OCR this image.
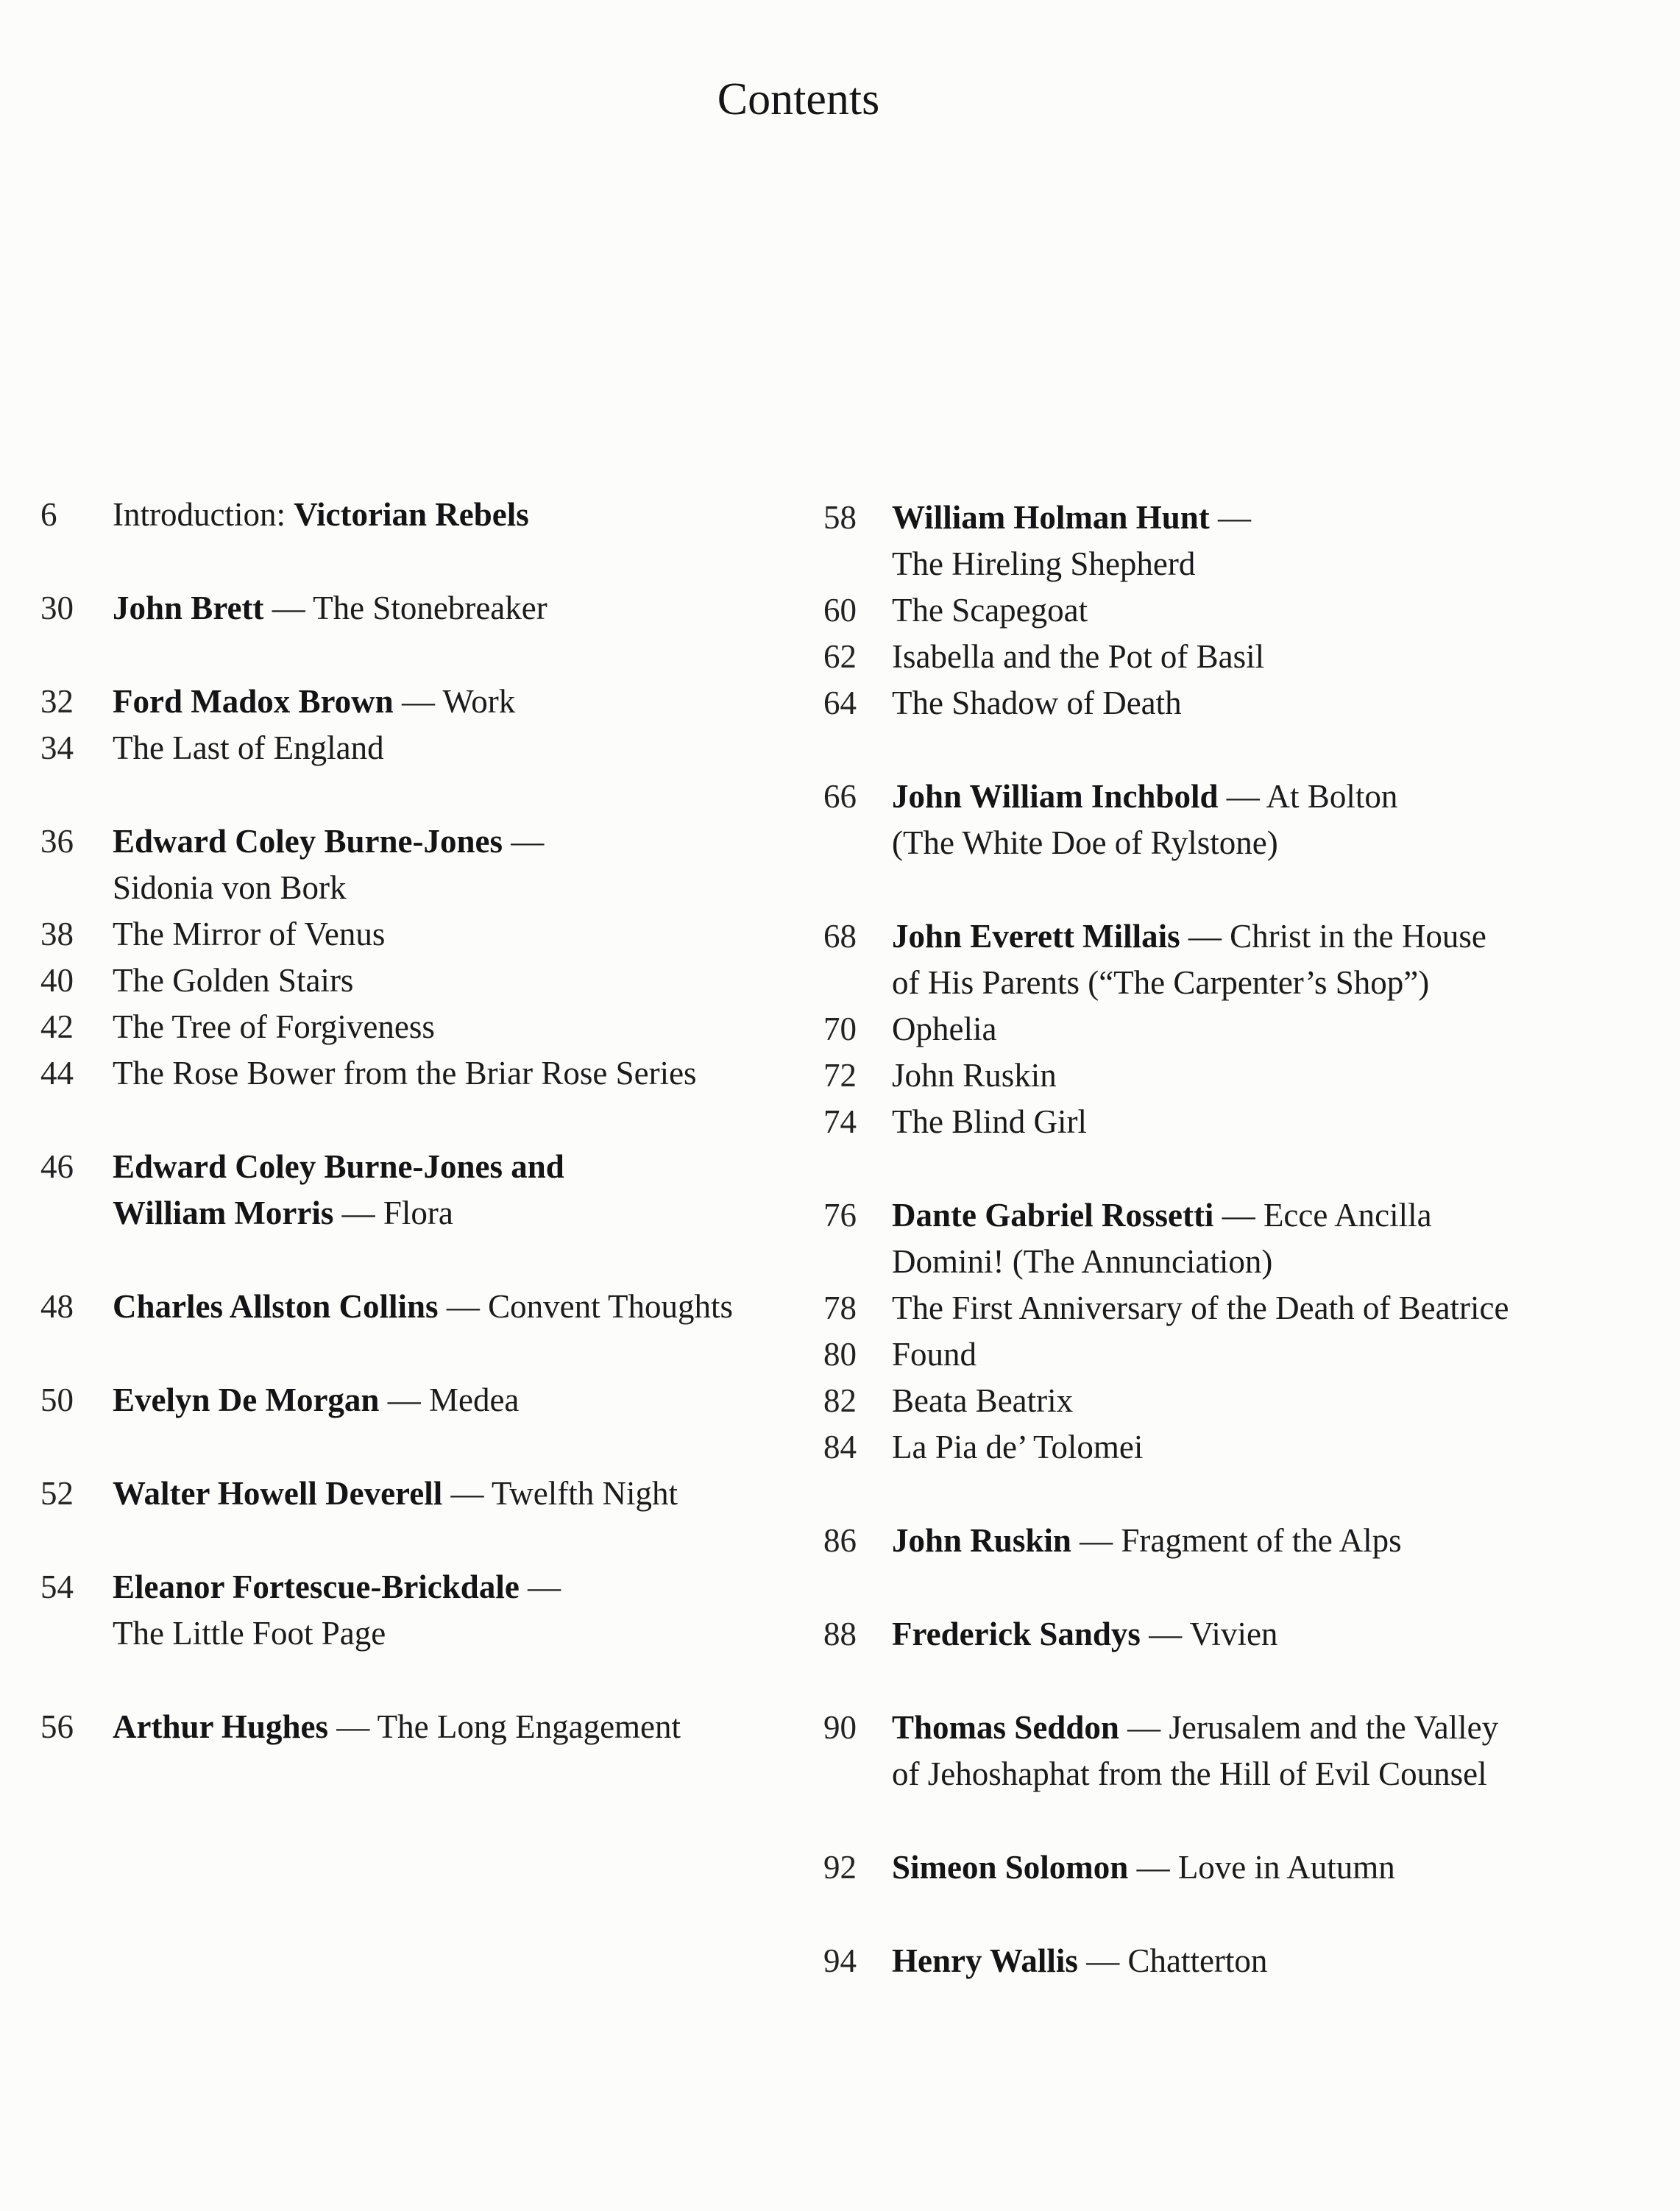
Contents
6	Introduction: Victorian Rebels
30	John Brett — The Stonebreaker
32	Ford Madox Brown — Work
34	The Last of England
36	Edward Coley Burne-Jones —
Sidonia von Bork
38	The Mirror of Venus
40	The Golden Stairs
42	The Tree of Forgiveness
44	The Rose Bower from the Briar Rose Series
46	Edward Coley Burne-Jones and
William Morris — Flora
48	Charles Allston Collins — Convent Thoughts
50	Evelyn De Morgan — Medea
52	Walter Howell Deverell — Twelfth Night
54	Eleanor Fortescue-Brickdale —
The Little Foot Page
56	Arthur Hughes — The Long Engagement
58	William Holman Hunt —
The Hireling Shepherd
60	The Scapegoat
62	Isabella and the Pot of Basil
64	The Shadow of Death
66	John William Inchbold — At Bolton
(The White Doe of Rylstone)
68	John Everett Millais — Christ in the House
of His Parents (“The Carpenter’s Shop”)
70	Ophelia
72	John Ruskin
74	The Blind Girl
76	Dante Gabriel Rossetti — Ecce Ancilla
Domini! (The Annunciation)
78	The First Anniversary of the Death of Beatrice
80	Found
82	Beata Beatrix
84	La Pia de’ Tolomei
86	John Ruskin — Fragment of the Alps
88	Frederick Sandys — Vivien
90	Thomas Seddon — Jerusalem and the Valley
of Jehoshaphat from the Hill of Evil Counsel
92	Simeon Solomon — Love in Autumn
94	Henry Wallis — Chatterton
